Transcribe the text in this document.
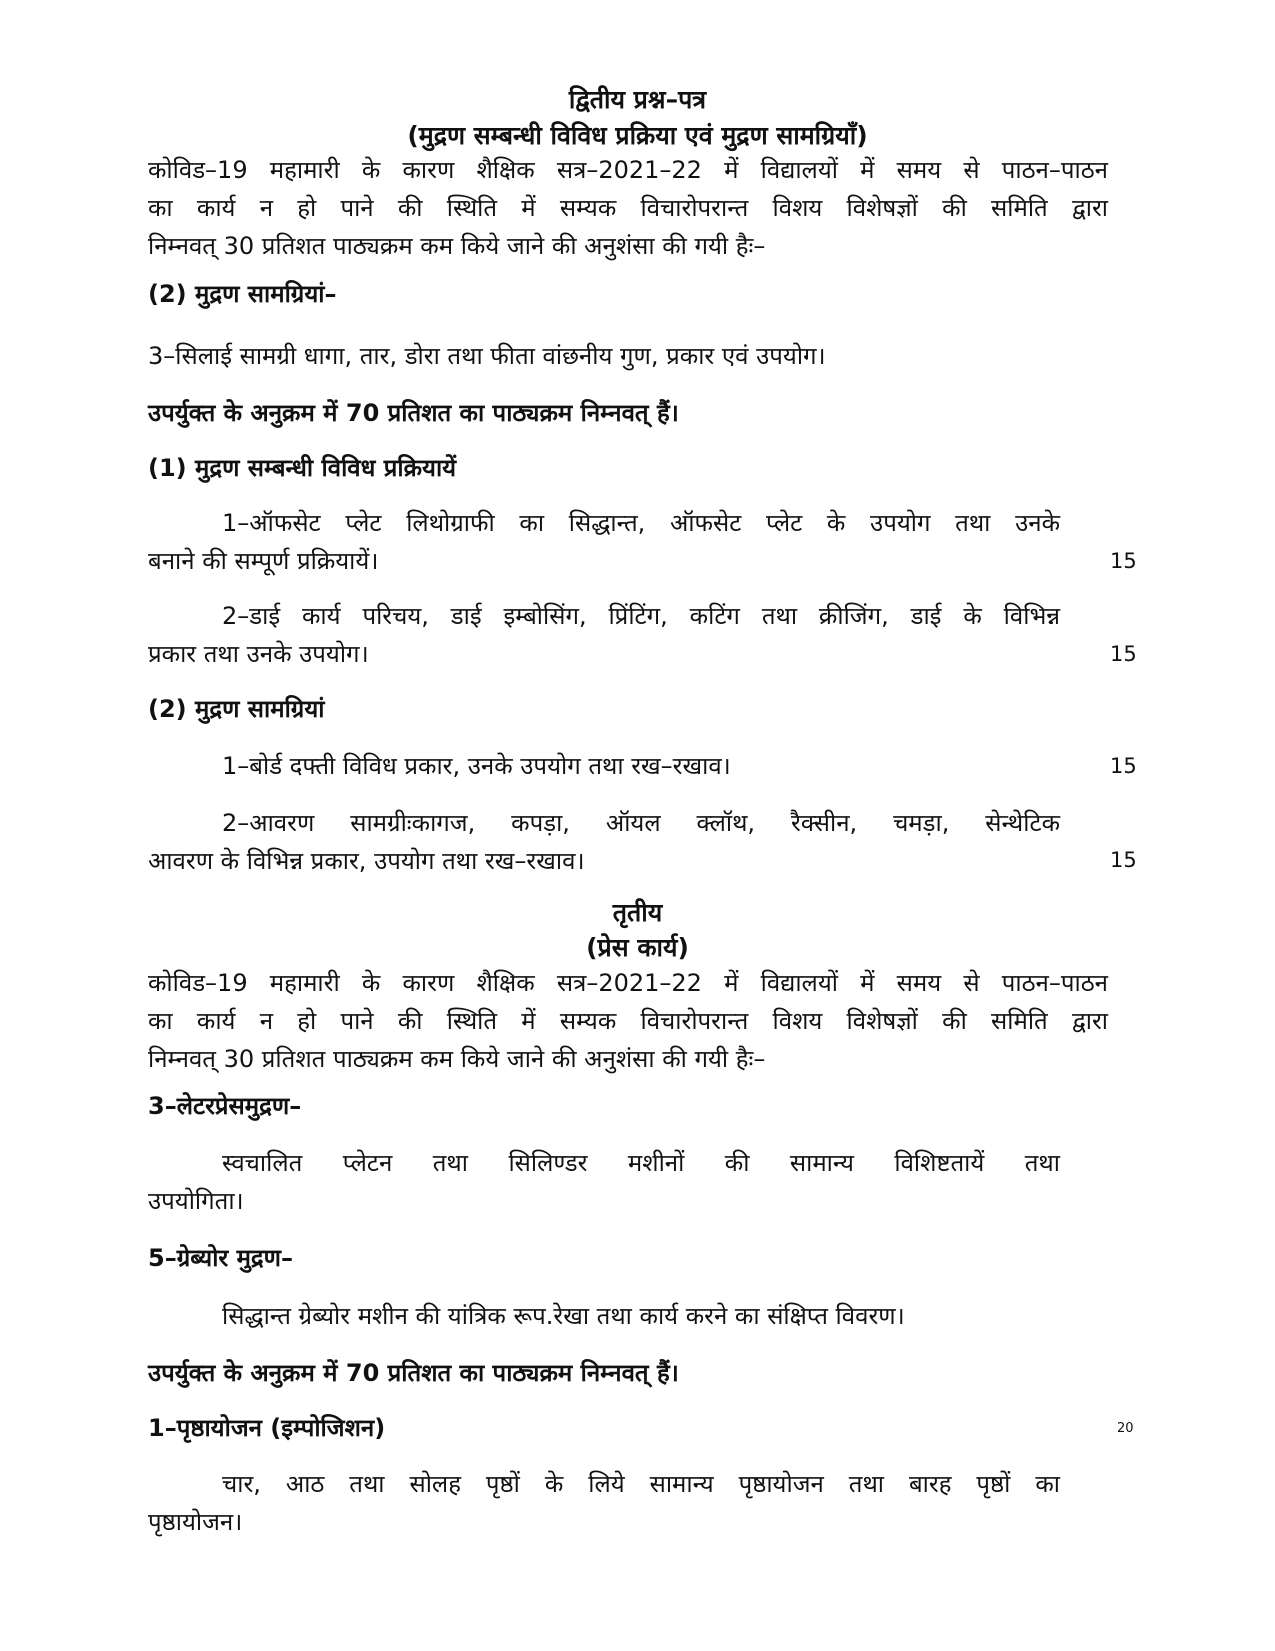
द्वितीय प्रश्न–पत्र
(मुद्रण सम्बन्धी विविध प्रक्रिया एवं मुद्रण सामग्रियाँ)
कोविड–19 महामारी के कारण शैक्षिक सत्र–2021–22 में विद्यालयों में समय से पाठन–पाठन
का कार्य न हो पाने की स्थिति में सम्यक विचारोपरान्त विशय विशेषज्ञों की समिति द्वारा
निम्नवत् 30 प्रतिशत पाठ्यक्रम कम किये जाने की अनुशंसा की गयी हैः–
(2) मुद्रण सामग्रियां–
3–सिलाई सामग्री धागा, तार, डोरा तथा फीता वांछनीय गुण, प्रकार एवं उपयोग।
उपर्युक्त के अनुक्रम में 70 प्रतिशत का पाठ्यक्रम निम्नवत् हैं।
(1) मुद्रण सम्बन्धी विविध प्रक्रियायें
1–ऑफसेट प्लेट लिथोग्राफी का सिद्धान्त, ऑफसेट प्लेट के उपयोग तथा उनके
बनाने की सम्पूर्ण प्रक्रियायें।	15
2–डाई कार्य परिचय, डाई इम्बोसिंग, प्रिंटिंग, कटिंग तथा क्रीजिंग, डाई के विभिन्न
प्रकार तथा उनके उपयोग।	15
(2) मुद्रण सामग्रियां
1–बोर्ड दफ्ती विविध प्रकार, उनके उपयोग तथा रख–रखाव।	15
2–आवरण सामग्रीःकागज, कपड़ा, ऑयल क्लॉथ, रैक्सीन, चमड़ा, सेन्थेटिक
आवरण के विभिन्न प्रकार, उपयोग तथा रख–रखाव।	15
तृतीय
(प्रेस कार्य)
कोविड–19 महामारी के कारण शैक्षिक सत्र–2021–22 में विद्यालयों में समय से पाठन–पाठन
का कार्य न हो पाने की स्थिति में सम्यक विचारोपरान्त विशय विशेषज्ञों की समिति द्वारा
निम्नवत् 30 प्रतिशत पाठ्यक्रम कम किये जाने की अनुशंसा की गयी हैः–
3–लेटरप्रेसमुद्रण–
स्वचालित प्लेटन तथा सिलिण्डर मशीनों की सामान्य विशिष्टतायें तथा
उपयोगिता।
5–ग्रेब्योर मुद्रण–
सिद्धान्त ग्रेब्योर मशीन की यांत्रिक रूप.रेखा तथा कार्य करने का संक्षिप्त विवरण।
उपर्युक्त के अनुक्रम में 70 प्रतिशत का पाठ्यक्रम निम्नवत् हैं।
1–पृष्ठायोजन (इम्पोजिशन)	20
चार, आठ तथा सोलह पृष्ठों के लिये सामान्य पृष्ठायोजन तथा बारह पृष्ठों का
पृष्ठायोजन।
